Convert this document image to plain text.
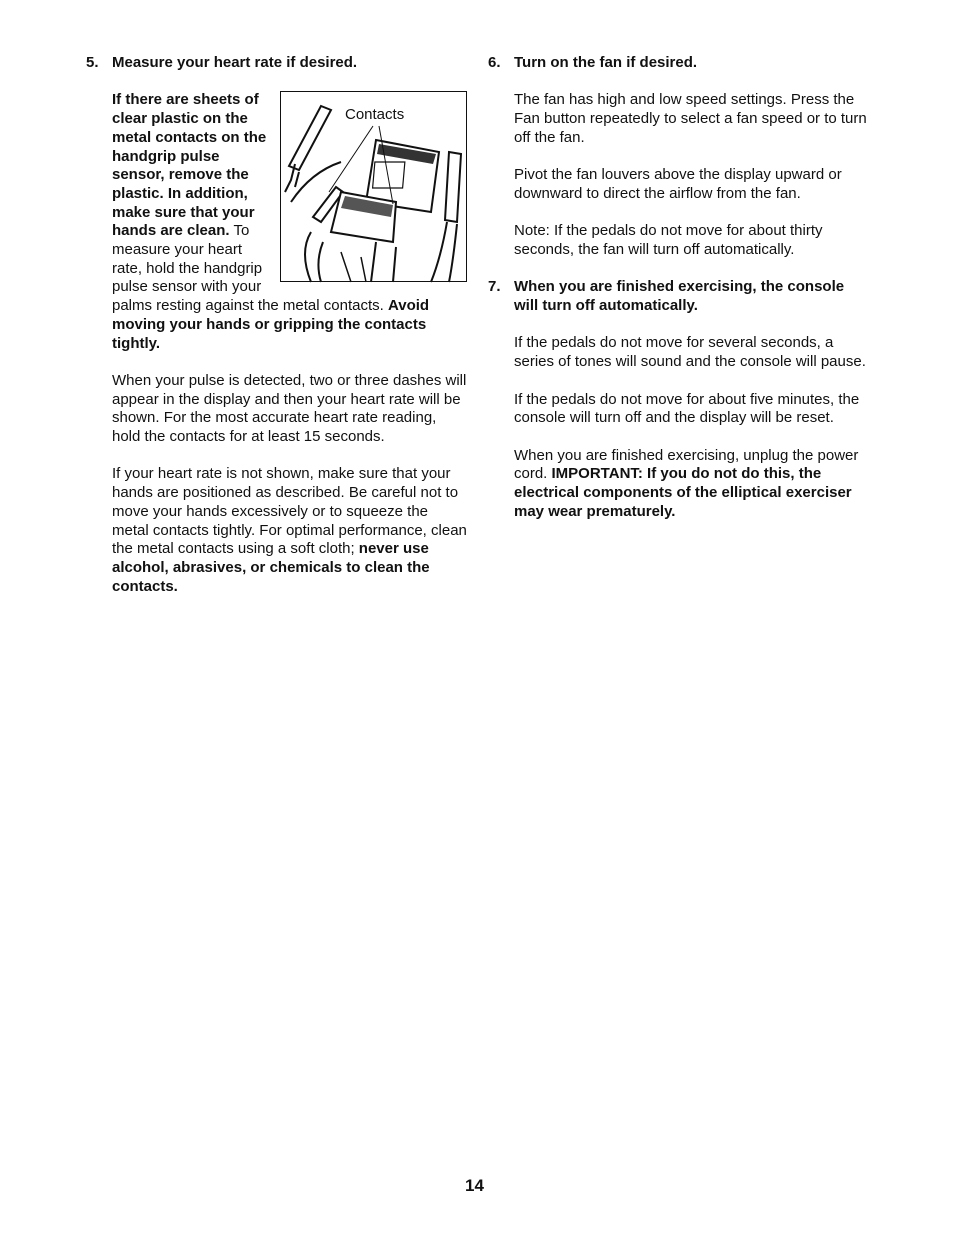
5. Measure your heart rate if desired.

Contacts

If there are sheets of clear plastic on the metal contacts on the handgrip pulse sensor, remove the plastic. In addition, make sure that your hands are clean. To measure your heart rate, hold the handgrip pulse sensor with your palms resting against the metal contacts. Avoid moving your hands or gripping the contacts tightly.

When your pulse is detected, two or three dashes will appear in the display and then your heart rate will be shown. For the most accurate heart rate reading, hold the contacts for at least 15 seconds.

If your heart rate is not shown, make sure that your hands are positioned as described. Be careful not to move your hands excessively or to squeeze the metal contacts tightly. For optimal performance, clean the metal contacts using a soft cloth; never use alcohol, abrasives, or chemicals to clean the contacts.

6. Turn on the fan if desired.

The fan has high and low speed settings. Press the Fan button repeatedly to select a fan speed or to turn off the fan.

Pivot the fan louvers above the display upward or downward to direct the airflow from the fan.

Note: If the pedals do not move for about thirty seconds, the fan will turn off automatically.

When you are finished exercising, the console will turn off automatically.

If the pedals do not move for several seconds, a series of tones will sound and the console will pause.

If the pedals do not move for about five minutes, the console will turn off and the display will be reset.

When you are finished exercising, unplug the power cord. IMPORTANT: If you do not do this, the electrical components of the elliptical exerciser may wear prematurely.

7.
14
